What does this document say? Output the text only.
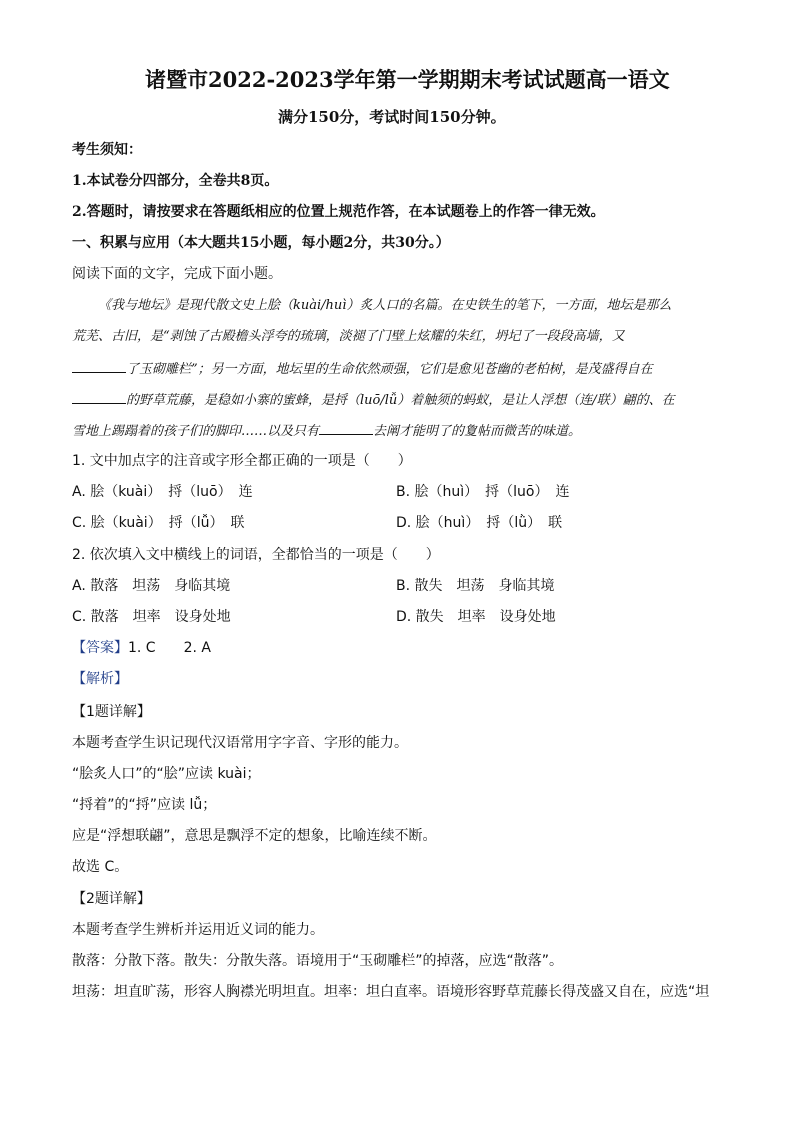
诸暨市2022-2023学年第一学期期末考试试题高一语文
满分150分，考试时间150分钟。
考生须知：
1.本试卷分四部分，全卷共8页。
2.答题时，请按要求在答题纸相应的位置上规范作答，在本试题卷上的作答一律无效。
一、积累与应用（本大题共15小题，每小题2分，共30分。）
阅读下面的文字，完成下面小题。
《我与地坛》是现代散文史上脍（kuài/huì）炙人口的名篇。在史铁生的笔下，一方面，地坛是那么
荒芜、古旧，是“剥蚀了古殿檐头浮夸的琉璃，淡褪了门壁上炫耀的朱红，坍圮了一段段高墙，又
了玉砌雕栏”；另一方面，地坛里的生命依然顽强，它们是愈见苍幽的老柏树，是茂盛得自在
的野草荒藤，是稳如小寨的蜜蜂，是捋（luō/lǚ）着触须的蚂蚁，是让人浮想（连/联）翩的、在
雪地上踢蹋着的孩子们的脚印……以及只有	去阐才能明了的夐帖而微苦的味道。
1. 文中加点字的注音或字形全都正确的一项是（　　）
A. 脍（kuài）　捋（luō）　连	B. 脍（huì）　捋（luō）　连
C. 脍（kuài）　捋（lǚ）　联	D. 脍（huì）　捋（lǜ）　联
2. 依次填入文中横线上的词语，全都恰当的一项是（　　）
A. 散落　坦荡　身临其境	B. 散失　坦荡　身临其境
C. 散落　坦率　设身处地	D. 散失　坦率　设身处地
【答案】1. C　　2. A
【解析】
【1题详解】
本题考查学生识记现代汉语常用字字音、字形的能力。
“脍炙人口”的“脍”应读 kuài；
“捋着”的“捋”应读 lǚ；
应是“浮想联翩”，意思是飘浮不定的想象，比喻连续不断。
故选 C。
【2题详解】
本题考查学生辨析并运用近义词的能力。
散落：分散下落。散失：分散失落。语境用于“玉砌雕栏”的掉落，应选“散落”。
坦荡：坦直旷荡，形容人胸襟光明坦直。坦率：坦白直率。语境形容野草荒藤长得茂盛又自在，应选“坦
